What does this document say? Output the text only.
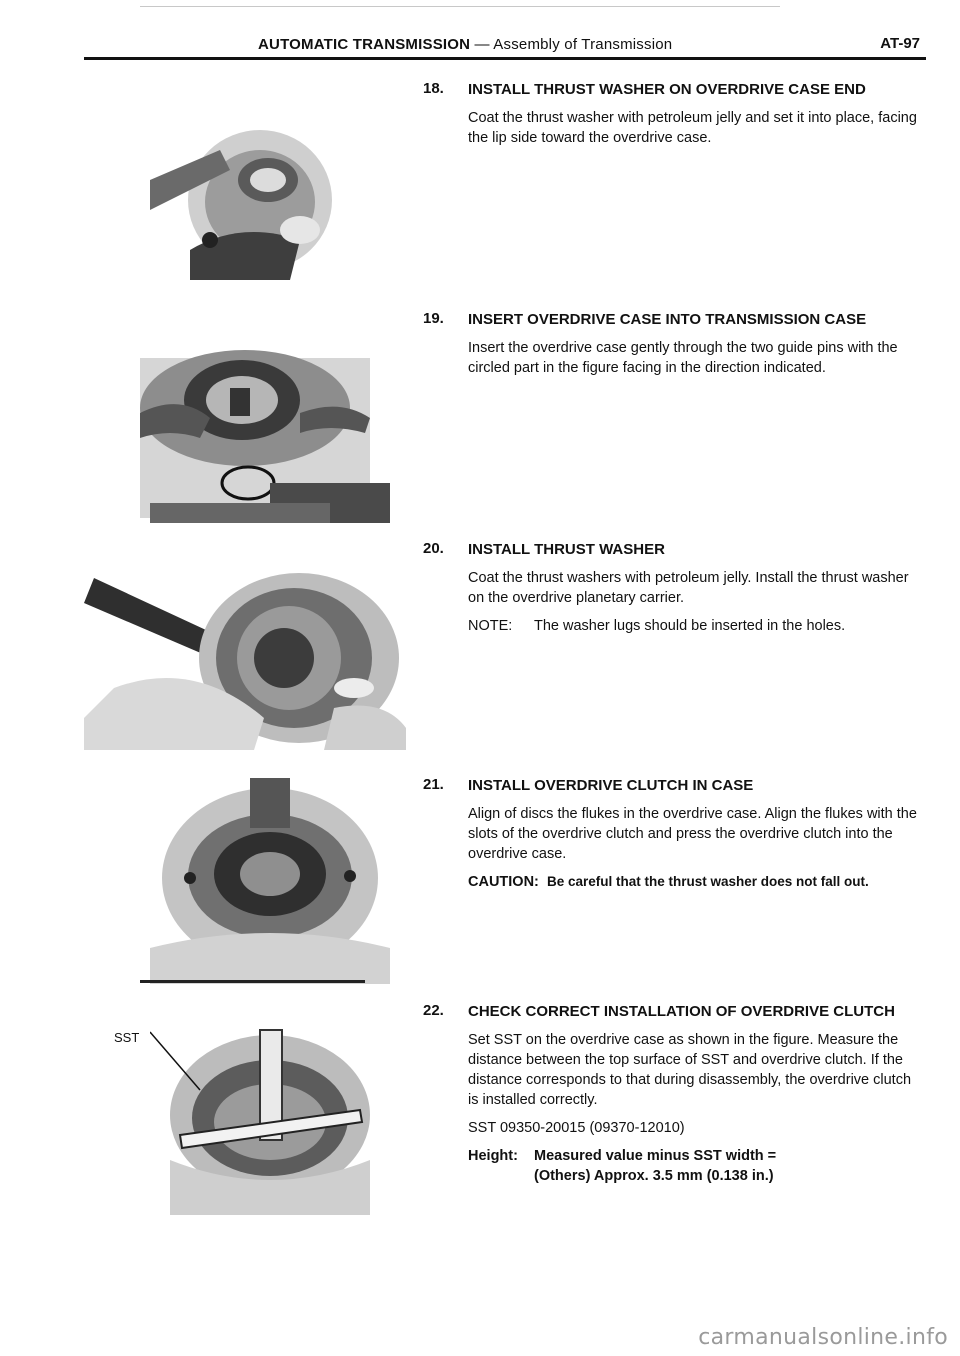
AUTOMATIC TRANSMISSION — Assembly of Transmission	AT-97
SST
18. INSTALL THRUST WASHER ON OVERDRIVE CASE END

Coat the thrust washer with petroleum jelly and set it into place, facing the lip side toward the overdrive case.

19. INSERT OVERDRIVE CASE INTO TRANSMISSION CASE

Insert the overdrive case gently through the two guide pins with the circled part in the figure facing in the direction indicated.

20. INSTALL THRUST WASHER

Coat the thrust washers with petroleum jelly. Install the thrust washer on the overdrive planetary carrier.

NOTE: The washer lugs should be inserted in the holes.

21. INSTALL OVERDRIVE CLUTCH IN CASE

Align of discs the flukes in the overdrive case. Align the flukes with the slots of the overdrive clutch and press the overdrive clutch into the overdrive case.

CAUTION: Be careful that the thrust washer does not fall out.

22. CHECK CORRECT INSTALLATION OF OVERDRIVE CLUTCH

Set SST on the overdrive case as shown in the figure. Measure the distance between the top surface of SST and overdrive clutch. If the distance corresponds to that during disassembly, the overdrive clutch is installed correctly.

SST 09350-20015 (09370-12010)

Height:	Measured value minus SST width =
(Others) Approx. 3.5 mm (0.138 in.)
carmanualsonline.info
